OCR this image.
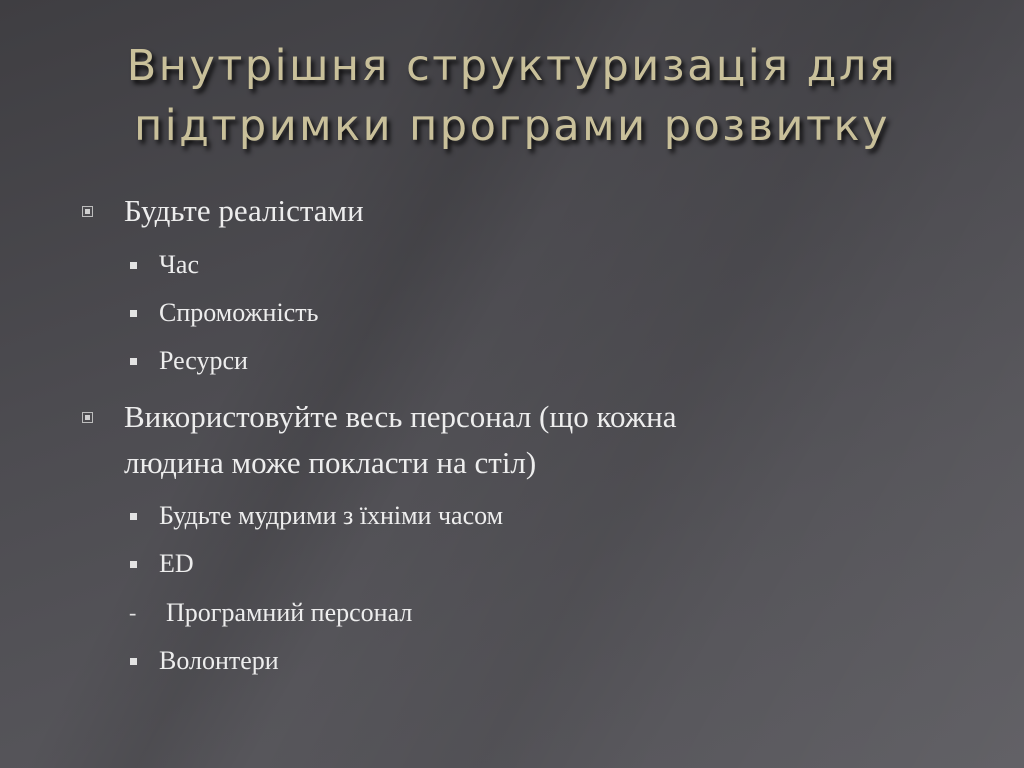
Внутрішня структуризація для
підтримки програми розвитку
Будьте реалістами
Час
Спроможність
Ресурси
Використовуйте весь персонал (що кожна
людина може покласти на стіл)
Будьте мудрими з їхніми часом
ED
- Програмний персонал
Волонтери
